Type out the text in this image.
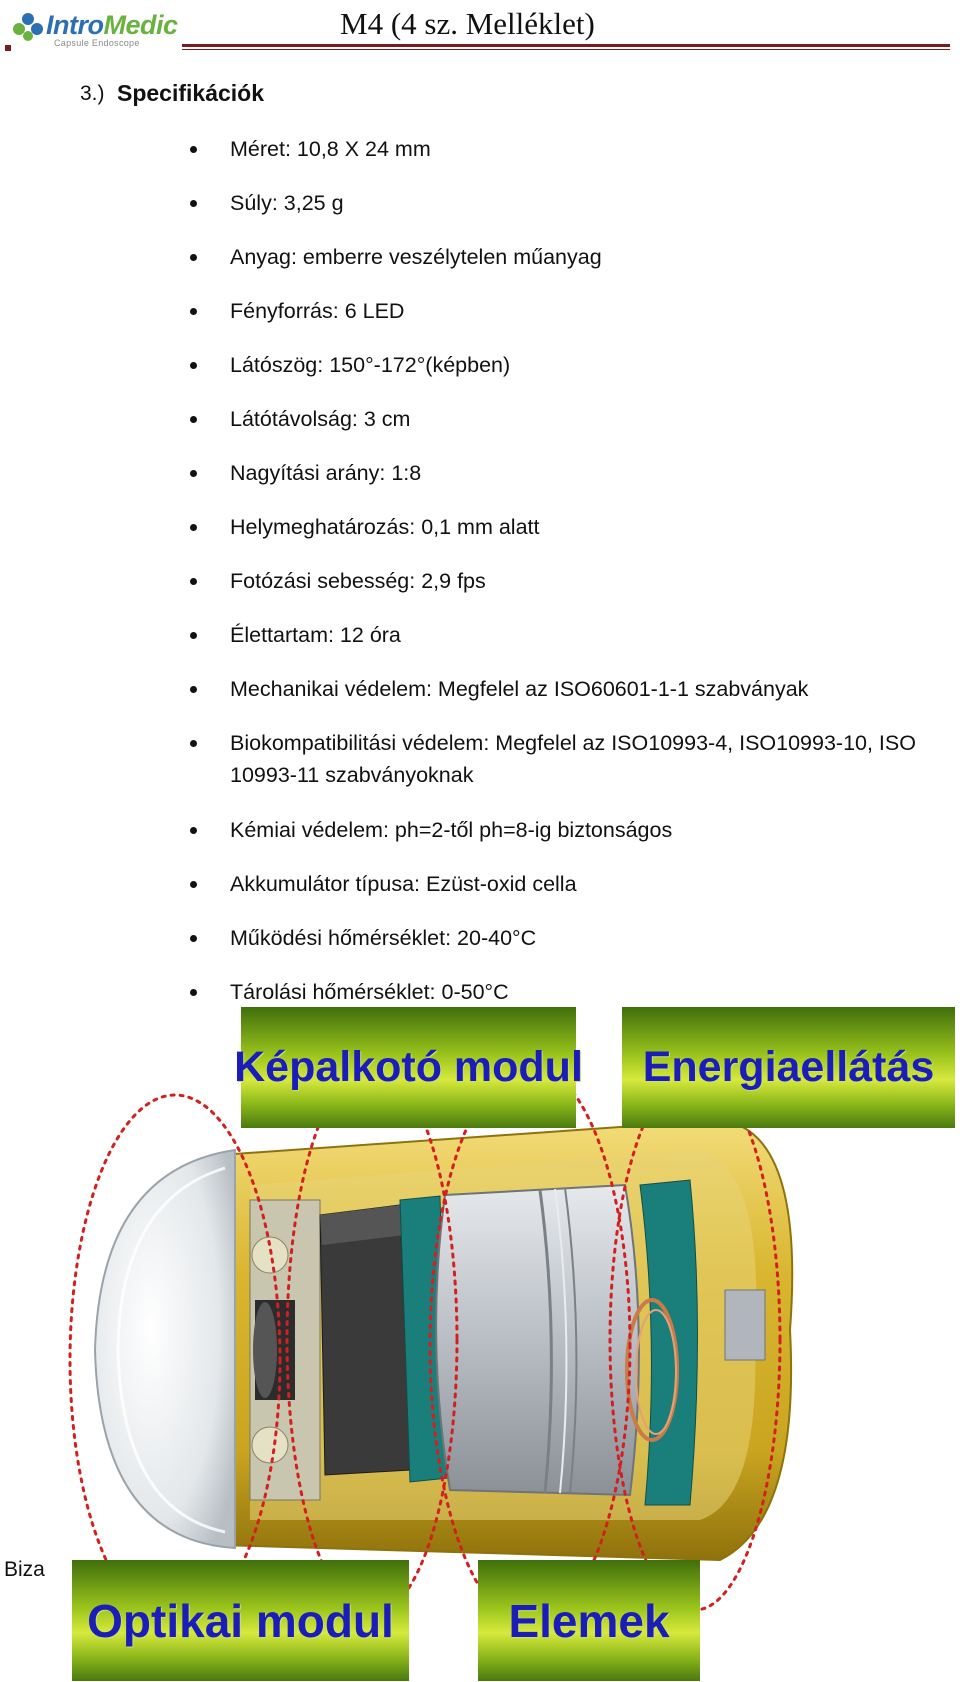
IntroMedic
Capsule Endoscope
M4 (4 sz. Melléklet)
3.) Specifikációk
Méret: 10,8 X 24 mm
Súly: 3,25 g
Anyag: emberre veszélytelen műanyag
Fényforrás: 6 LED
Látószög: 150°-172°(képben)
Látótávolság: 3 cm
Nagyítási arány: 1:8
Helymeghatározás: 0,1 mm alatt
Fotózási sebesség: 2,9 fps
Élettartam: 12 óra
Mechanikai védelem: Megfelel az ISO60601-1-1 szabványak
Biokompatibilitási védelem: Megfelel az ISO10993-4, ISO10993-10, ISO 10993-11 szabványoknak
Kémiai védelem: ph=2-től ph=8-ig biztonságos
Akkumulátor típusa: Ezüst-oxid cella
Működési hőmérséklet: 20-40°C
Tárolási hőmérséklet: 0-50°C
Képalkotó modul Energiaellátás
Optikai modul Elemek
Biza
